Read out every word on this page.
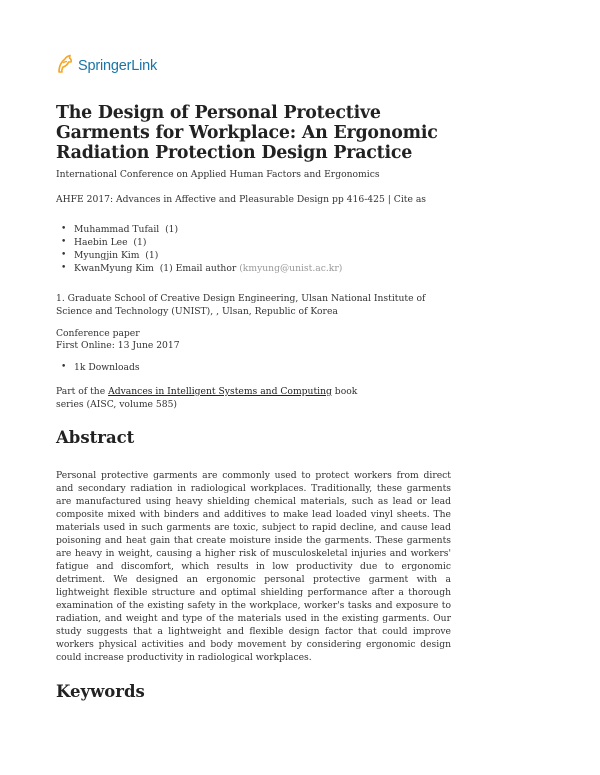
SpringerLink
The Design of Personal Protective Garments for Workplace: An Ergonomic Radiation Protection Design Practice

International Conference on Applied Human Factors and Ergonomics

AHFE 2017: Advances in Affective and Pleasurable Design pp 416-425 | Cite as

• Muhammad Tufail (1)
• Haebin Lee (1)
• Myungjin Kim (1)
• KwanMyung Kim (1) Email author (kmyung@unist.ac.kr)

1. Graduate School of Creative Design Engineering, Ulsan National Institute of Science and Technology (UNIST), , Ulsan, Republic of Korea

Conference paper

First Online: 13 June 2017

• 1k Downloads

Part of the Advances in Intelligent Systems and Computing book series (AISC, volume 585)

Abstract

Personal protective garments are commonly used to protect workers from direct and secondary radiation in radiological workplaces. Traditionally, these garments are manufactured using heavy shielding chemical materials, such as lead or lead composite mixed with binders and additives to make lead loaded vinyl sheets. The materials used in such garments are toxic, subject to rapid decline, and cause lead poisoning and heat gain that create moisture inside the garments. These garments are heavy in weight, causing a higher risk of musculoskeletal injuries and workers' fatigue and discomfort, which results in low productivity due to ergonomic detriment. We designed an ergonomic personal protective garment with a lightweight flexible structure and optimal shielding performance after a thorough examination of the existing safety in the workplace, worker's tasks and exposure to radiation, and weight and type of the materials used in the existing garments. Our study suggests that a lightweight and flexible design factor that could improve workers physical activities and body movement by considering ergonomic design could increase productivity in radiological workplaces.

Keywords
